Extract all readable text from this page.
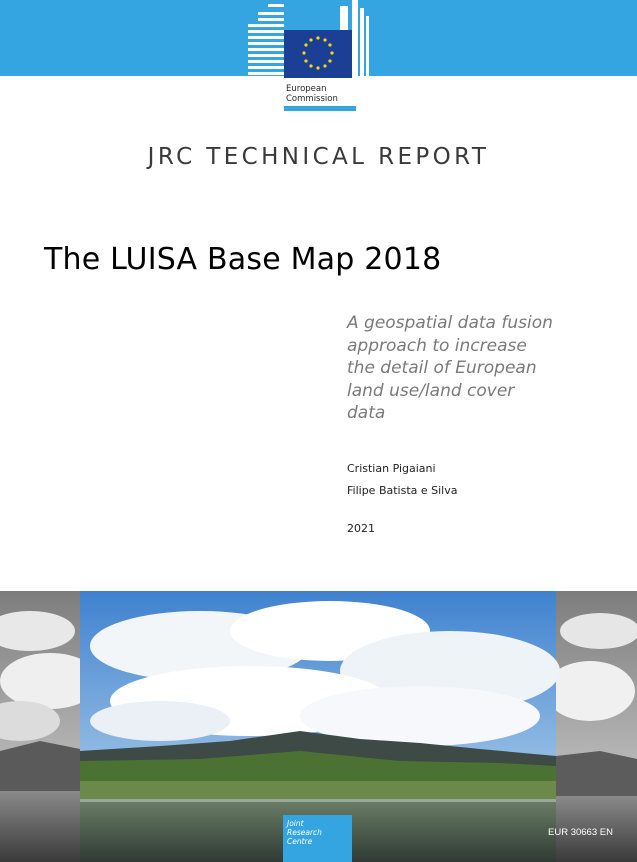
European
Commission
JRC TECHNICAL REPORT
The LUISA Base Map 2018
A geospatial data fusion
approach to increase
the detail of European
land use/land cover
data
Cristian Pigaiani
Filipe Batista e Silva
2021
Joint
Research
Centre
EUR 30663 EN
